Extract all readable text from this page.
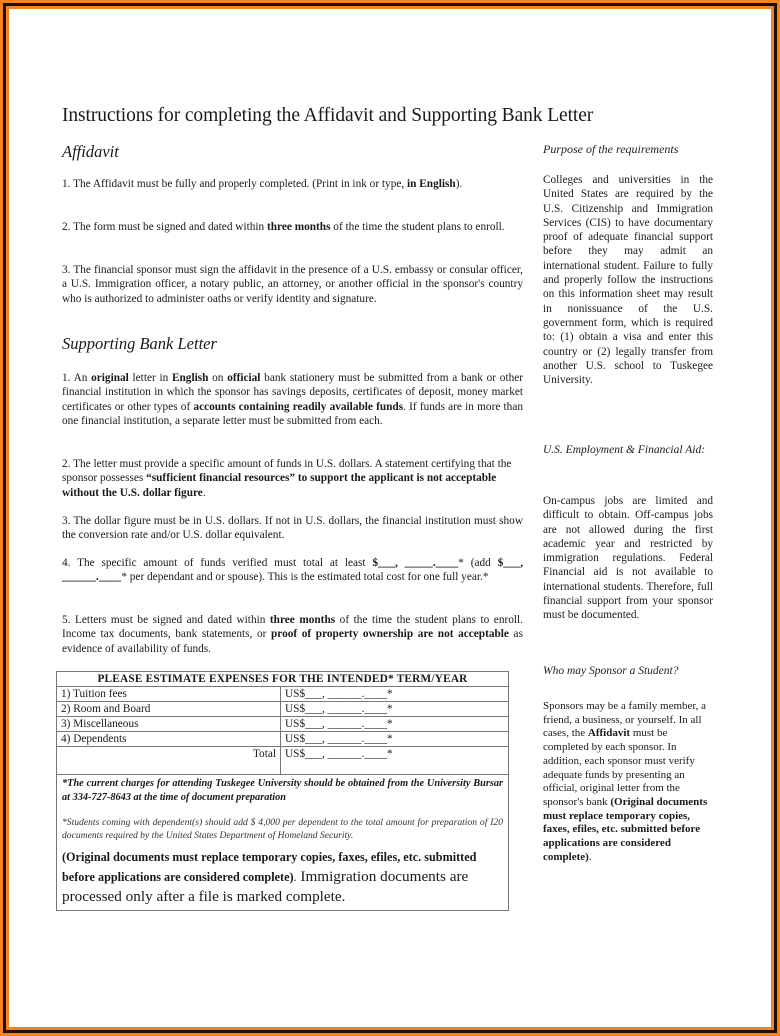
Instructions for completing the Affidavit and Supporting Bank Letter
Affidavit
1. The Affidavit must be fully and properly completed. (Print in ink or type, in English).
2. The form must be signed and dated within three months of the time the student plans to enroll.
3. The financial sponsor must sign the affidavit in the presence of a U.S. embassy or consular officer, a U.S. Immigration officer, a notary public, an attorney, or another official in the sponsor's country who is authorized to administer oaths or verify identity and signature.
Supporting Bank Letter
1. An original letter in English on official bank stationery must be submitted from a bank or other financial institution in which the sponsor has savings deposits, certificates of deposit, money market certificates or other types of accounts containing readily available funds. If funds are in more than one financial institution, a separate letter must be submitted from each.
2. The letter must provide a specific amount of funds in U.S. dollars. A statement certifying that the sponsor possesses “sufficient financial resources” to support the applicant is not acceptable without the U.S. dollar figure.
3. The dollar figure must be in U.S. dollars. If not in U.S. dollars, the financial institution must show the conversion rate and/or U.S. dollar equivalent.
4. The specific amount of funds verified must total at least $___, _____.____* (add $___, ______.____* per dependant and or spouse). This is the estimated total cost for one full year.*
5. Letters must be signed and dated within three months of the time the student plans to enroll. Income tax documents, bank statements, or proof of property ownership are not acceptable as evidence of availability of funds.
PLEASE ESTIMATE EXPENSES FOR THE INTENDED* TERM/YEAR	
1) Tuition fees	US$___, ______.____*
2) Room and Board	US$___, ______.____*
3) Miscellaneous	US$___, ______.____*
4) Dependents	US$___, ______.____*
Total	US$___, ______.____*

*The current charges for attending Tuskegee University should be obtained from the University Bursar at 334-727-8643 at the time of document preparation
*Students coming with dependent(s) should add $ 4,000 per dependent to the total amount for preparation of I20 documents required by the United States Department of Homeland Security.
(Original documents must replace temporary copies, faxes, efiles, etc. submitted before applications are considered complete). Immigration documents are processed only after a file is marked complete.	
Purpose of the requirements
Colleges and universities in the United States are required by the U.S. Citizenship and Immigration Services (CIS) to have documentary proof of adequate financial support before they may admit an international student. Failure to fully and properly follow the instructions on this information sheet may result in nonissuance of the U.S. government form, which is required to: (1) obtain a visa and enter this country or (2) legally transfer from another U.S. school to Tuskegee University.
U.S. Employment & Financial Aid:
On-campus jobs are limited and difficult to obtain. Off-campus jobs are not allowed during the first academic year and restricted by immigration regulations. Federal Financial aid is not available to international students. Therefore, full financial support from your sponsor must be documented.
Who may Sponsor a Student?
Sponsors may be a family member, a friend, a business, or yourself. In all cases, the Affidavit must be completed by each sponsor. In addition, each sponsor must verify adequate funds by presenting an official, original letter from the sponsor's bank (Original documents must replace temporary copies, faxes, efiles, etc. submitted before applications are considered complete).
